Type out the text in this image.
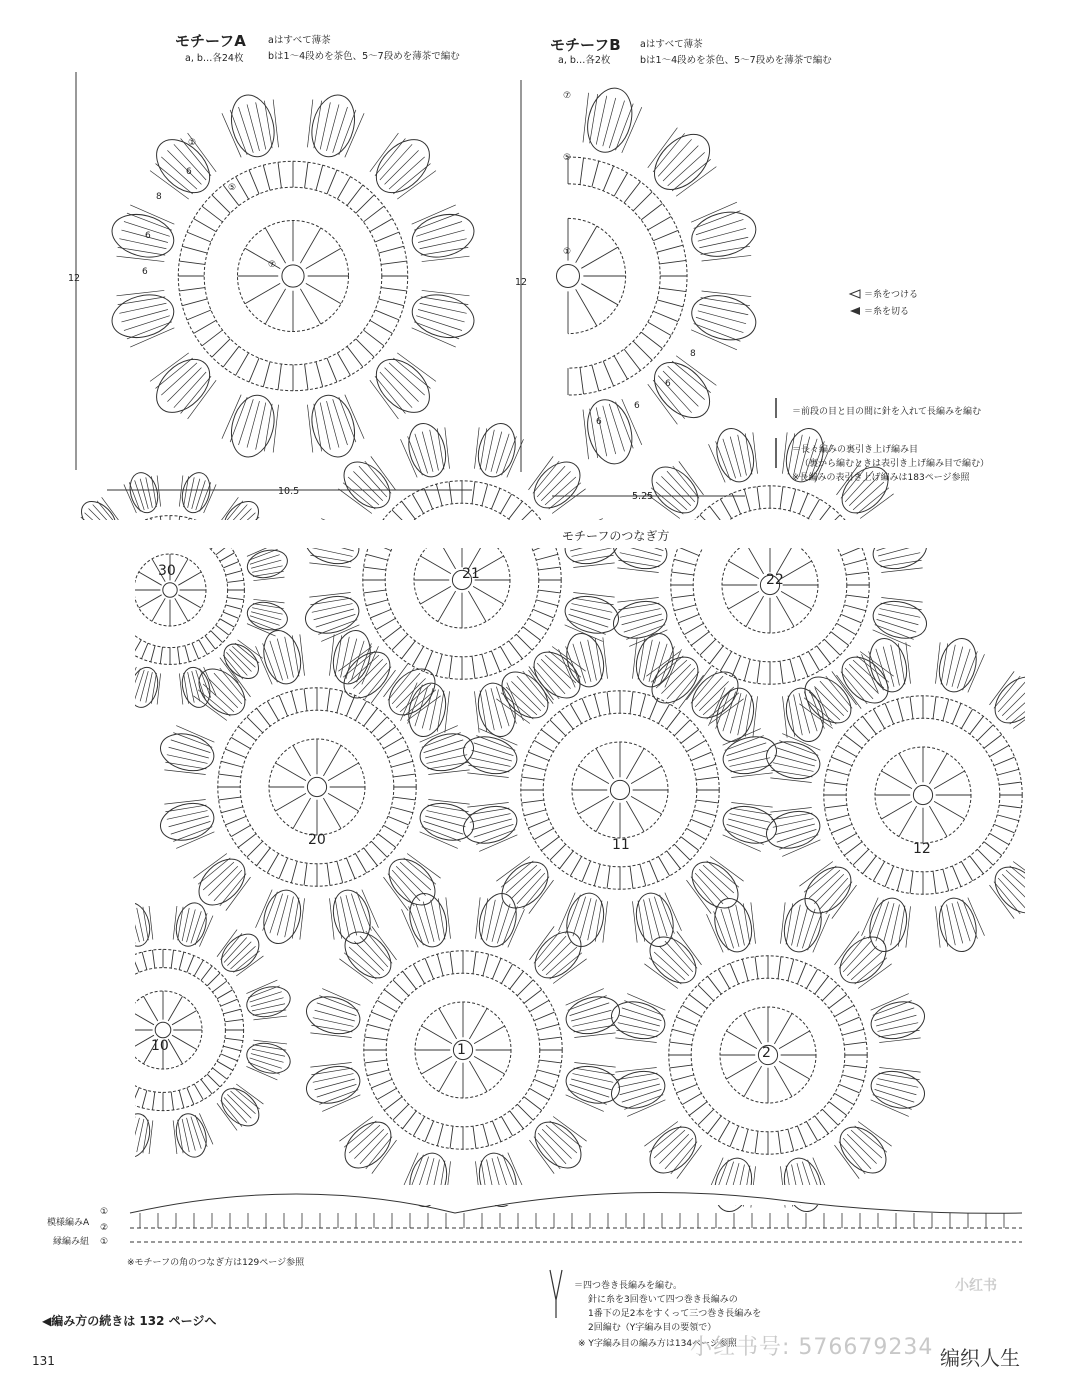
モチーフA
a, b…各24枚
aはすべて薄茶
bは1～4段めを茶色、5～7段めを薄茶で編む
モチーフB
a, b…各2枚
aはすべて薄茶
bは1～4段めを茶色、5～7段めを薄茶で編む
12
10.5
12
5.25
①
⑤
⑦
6
8
6
6
⑦
⑤
①
8
6
6
6
＝糸をつける
＝糸を切る
＝前段の目と目の間に針を入れて長編みを編む
＝長々編みの裏引き上げ編み目
（裏から編むときは表引き上げ編み目で編む）
※長編みの表引き上げ編みは183ページ参照
モチーフのつなぎ方
30	21	22
20	11	12
10	1	2
模様編みA
①
②
縁編み紐 ①
※モチーフの角のつなぎ方は129ページ参照
＝四つ巻き長編みを編む。
針に糸を3回巻いて四つ巻き長編みの
1番下の足2本をすくって三つ巻き長編みを
2回編む（Y字編み目の要領で）
※ Y字編み目の編み方は134ページ参照
◀編み方の続きは 132 ページへ
131
小红书
小红书号: 576679234 编织人生
